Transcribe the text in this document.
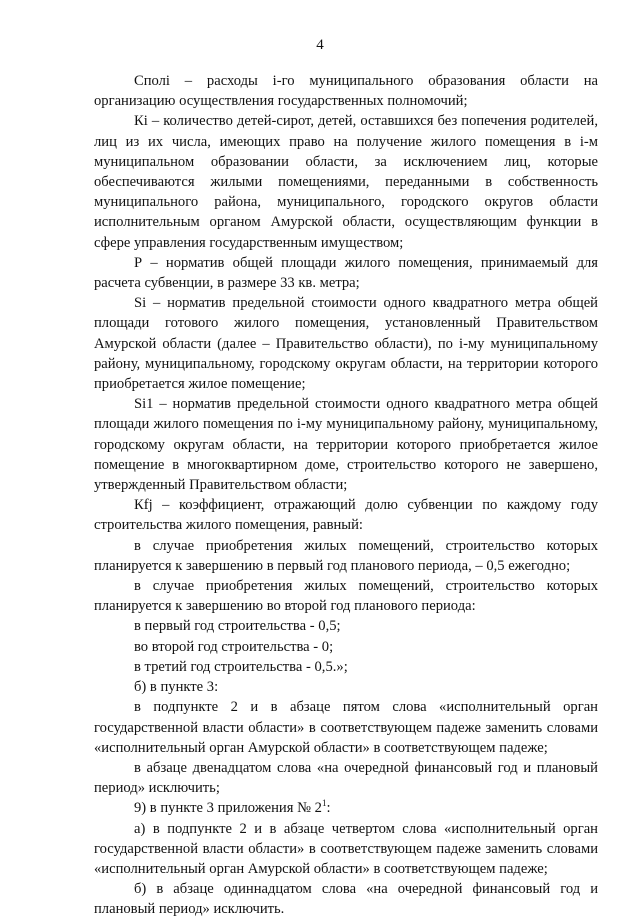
4

Сполі – расходы і-го муниципального образования области на организацию осуществления государственных полномочий;

Кі – количество детей-сирот, детей, оставшихся без попечения родителей, лиц из их числа, имеющих право на получение жилого помещения в і-м муниципальном образовании области, за исключением лиц, которые обеспечиваются жилыми помещениями, переданными в собственность муниципального района, муниципального, городского округов области исполнительным органом Амурской области, осуществляющим функции в сфере управления государственным имуществом;

Р – норматив общей площади жилого помещения, принимаемый для расчета субвенции, в размере 33 кв. метра;

Si – норматив предельной стоимости одного квадратного метра общей площади готового жилого помещения, установленный Правительством Амурской области (далее – Правительство области), по і-му муниципальному району, муниципальному, городскому округам области, на территории которого приобретается жилое помещение;

Si1 – норматив предельной стоимости одного квадратного метра общей площади жилого помещения по і-му муниципальному району, муниципальному, городскому округам области, на территории которого приобретается жилое помещение в многоквартирном доме, строительство которого не завершено, утвержденный Правительством области;

Кfj – коэффициент, отражающий долю субвенции по каждому году строительства жилого помещения, равный:

в случае приобретения жилых помещений, строительство которых планируется к завершению в первый год планового периода, – 0,5 ежегодно;

в случае приобретения жилых помещений, строительство которых планируется к завершению во второй год планового периода:

в первый год строительства - 0,5;

во второй год строительства - 0;

в третий год строительства - 0,5.»;

б) в пункте 3:

в подпункте 2 и в абзаце пятом слова «исполнительный орган государственной власти области» в соответствующем падеже заменить словами «исполнительный орган Амурской области» в соответствующем падеже;

в абзаце двенадцатом слова «на очередной финансовый год и плановый период» исключить;

9) в пункте 3 приложения № $2^1$:

а) в подпункте 2 и в абзаце четвертом слова «исполнительный орган государственной власти области» в соответствующем падеже заменить словами «исполнительный орган Амурской области» в соответствующем падеже;

б) в абзаце одиннадцатом слова «на очередной финансовый год и плановый период» исключить.
